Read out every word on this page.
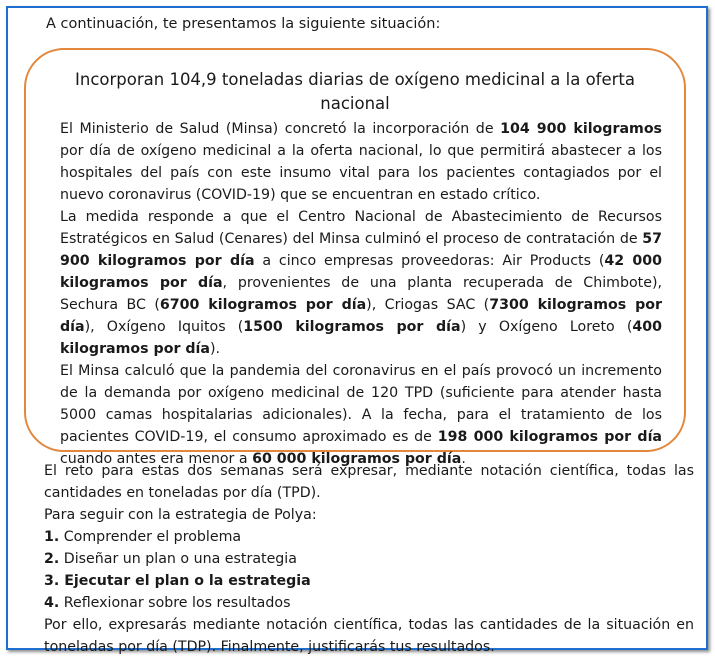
A continuación, te presentamos la siguiente situación:
Incorporan 104,9 toneladas diarias de oxígeno medicinal a la oferta nacional

El Ministerio de Salud (Minsa) concretó la incorporación de 104 900 kilogramos por día de oxígeno medicinal a la oferta nacional, lo que permitirá abastecer a los hospitales del país con este insumo vital para los pacientes contagiados por el nuevo coronavirus (COVID-19) que se encuentran en estado crítico.

La medida responde a que el Centro Nacional de Abastecimiento de Recursos Estratégicos en Salud (Cenares) del Minsa culminó el proceso de contratación de 57 900 kilogramos por día a cinco empresas proveedoras: Air Products (42 000 kilogramos por día, provenientes de una planta recuperada de Chimbote), Sechura BC (6700 kilogramos por día), Criogas SAC (7300 kilogramos por día), Oxígeno Iquitos (1500 kilogramos por día) y Oxígeno Loreto (400 kilogramos por día).

El Minsa calculó que la pandemia del coronavirus en el país provocó un incremento de la demanda por oxígeno medicinal de 120 TPD (suficiente para atender hasta 5000 camas hospitalarias adicionales). A la fecha, para el tratamiento de los pacientes COVID-19, el consumo aproximado es de 198 000 kilogramos por día cuando antes era menor a 60 000 kilogramos por día.

El reto para estas dos semanas será expresar, mediante notación científica, todas las cantidades en toneladas por día (TPD).

Para seguir con la estrategia de Polya:

1. Comprender el problema

2. Diseñar un plan o una estrategia

3. Ejecutar el plan o la estrategia

4. Reflexionar sobre los resultados

Por ello, expresarás mediante notación científica, todas las cantidades de la situación en toneladas por día (TDP). Finalmente, justificarás tus resultados.
